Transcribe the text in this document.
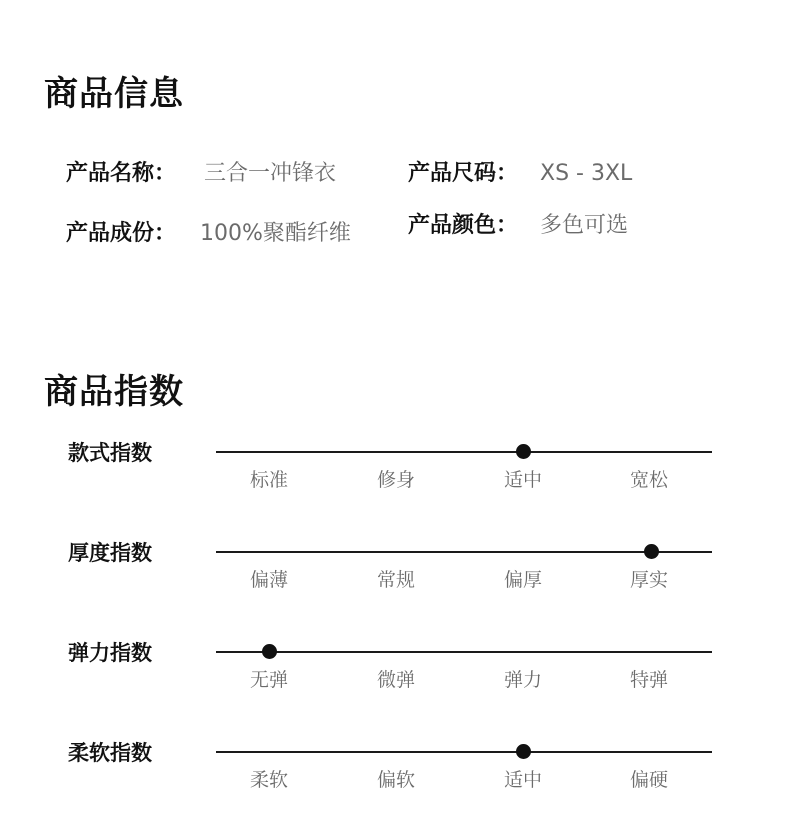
商品信息
产品名称： 三合一冲锋衣	产品尺码： XS - 3XL
产品成份： 100%聚酯纤维	产品颜色： 多色可选
商品指数
款式指数
标准	修身	适中	宽松
厚度指数
偏薄	常规	偏厚	厚实
弹力指数
无弹	微弹	弹力	特弹
柔软指数
柔软	偏软	适中	偏硬
